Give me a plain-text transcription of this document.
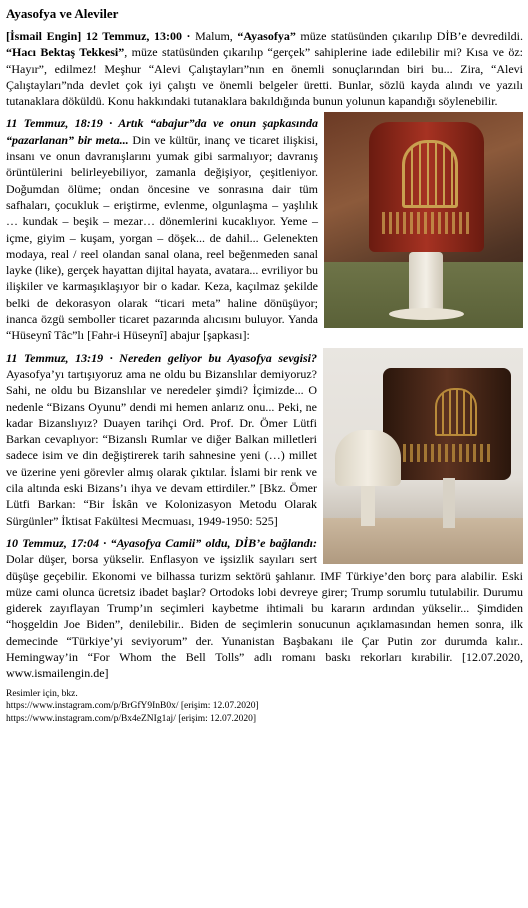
Ayasofya ve Aleviler
[İsmail Engin] 12 Temmuz, 13:00 · Malum, “Ayasofya” müze statüsünden çıkarılıp DİB’e devredildi. “Hacı Bektaş Tekkesi”, müze statüsünden çıkarılıp “gerçek” sahiplerine iade edilebilir mi? Kısa ve öz: “Hayır”, edilmez! Meşhur “Alevi Çalıştayları”nın en önemli sonuçlarından biri bu... Zira, “Alevi Çalıştayları”nda devlet çok iyi çalıştı ve önemli belgeler üretti. Bunlar, sözlü kayda alındı ve yazılı tutanaklara döküldü. Konu hakkındaki tutanaklara bakıldığında bunun yolunun kapandığı söylenebilir.
11 Temmuz, 18:19 · Artık “abajur”da ve onun şapkasında “pazarlanan” bir meta... Din ve kültür, inanç ve ticaret ilişkisi, insanı ve onun davranışlarını yumak gibi sarmalıyor; davranış örüntülerini belirleyebiliyor, zamanla değişiyor, çeşitleniyor. Doğumdan ölüme; ondan öncesine ve sonrasına dair tüm safhaları, çocukluk – eriştirme, evlenme, olgunlaşma – yaşlılık … kundak – beşik – mezar… dönemlerini kucaklıyor. Yeme – içme, giyim – kuşam, yorgan – döşek... de dahil... Gelenekten modaya, real / reel olandan sanal olana, reel beğenmeden sanal layke (like), gerçek hayattan dijital hayata, avatara... evriliyor bu ilişkiler ve karmaşıklaşıyor bir o kadar. Keza, kaçılmaz şekilde belki de dekorasyon olarak “ticari meta” haline dönüşüyor; inanca özgü semboller ticaret pazarında alıcısını buluyor. Yanda “Hüseynî Tâc”lı [Fahr-i Hüseynî] abajur [şapkası]:
11 Temmuz, 13:19 · Nereden geliyor bu Ayasofya sevgisi? Ayasofya’yı tartışıyoruz ama ne oldu bu Bizanslılar demiyoruz? Sahi, ne oldu bu Bizanslılar ve neredeler şimdi? İçimizde... O nedenle “Bizans Oyunu” dendi mi hemen anlarız onu... Peki, ne kadar Bizanslıyız? Duayen tarihçi Ord. Prof. Dr. Ömer Lütfi Barkan cevaplıyor: “Bizanslı Rumlar ve diğer Balkan milletleri sadece isim ve din değiştirerek tarih sahnesine yeni (…) millet ve üzerine yeni görevler almış olarak çıktılar. İslami bir renk ve cila altında eski Bizans’ı ihya ve devam ettirdiler.” [Bkz. Ömer Lütfi Barkan: “Bir İskân ve Kolonizasyon Metodu Olarak Sürgünler” İktisat Fakültesi Mecmuası, 1949-1950: 525]
10 Temmuz, 17:04 · “Ayasofya Camii” oldu, DİB’e bağlandı: Dolar düşer, borsa yükselir. Enflasyon ve işsizlik sayıları sert düşüşe geçebilir. Ekonomi ve bilhassa turizm sektörü şahlanır. IMF Türkiye’den borç para alabilir. Eski müze cami olunca ücretsiz ibadet başlar? Ortodoks lobi devreye girer; Trump sorumlu tutulabilir. Durumu giderek zayıflayan Trump’ın seçimleri kaybetme ihtimali bu kararın ardından yükselir... Şimdiden “hoşgeldin Joe Biden”, denilebilir.. Biden de seçimlerin sonucunun açıklamasından hemen sonra, ilk demecinde “Türkiye’yi seviyorum” der. Yunanistan Başbakanı ile Çar Putin zor durumda kalır.. Hemingway’in “For Whom the Bell Tolls” adlı romanı baskı rekorları kırabilir. [12.07.2020, www.ismailengin.de]
Resimler için, bkz.
https://www.instagram.com/p/BrGfY9InB0x/ [erişim: 12.07.2020]
https://www.instagram.com/p/Bx4eZNIg1aj/ [erişim: 12.07.2020]
